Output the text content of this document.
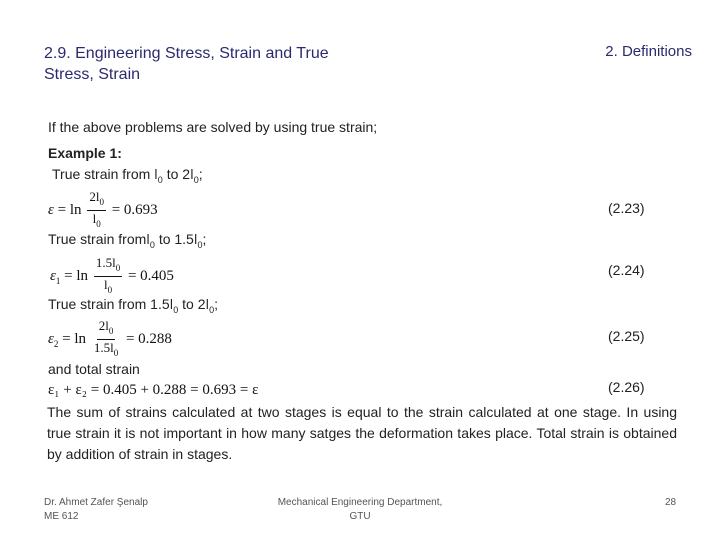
2.9. Engineering Stress, Strain and True Stress, Strain
2. Definitions
If the above problems are solved by using true strain;
Example 1:
True strain from $l_0$ to $2l_0$;
$\varepsilon = \ln \frac{2l_0}{l_0} = 0.693$	(2.23)
True strain froml$_0$ to $1.5l_0$;
$\varepsilon_1 = \ln \frac{1.5l_0}{l_0} = 0.405$	(2.24)
True strain from $1.5l_0$ to $2l_0$;
$\varepsilon_2 = \ln \frac{2l_0}{1.5l_0} = 0.288$	(2.25)
and total strain
ε₁ + ε₂ = 0.405 + 0.288 = 0.693 = ε	(2.26)
The sum of strains calculated at two stages is equal to the strain calculated at one stage. In using true strain it is not important in how many satges the deformation takes place. Total strain is obtained by addition of strain in stages.
Dr. Ahmet Zafer Şenalp
ME 612
Mechanical Engineering Department,
GTU
28
